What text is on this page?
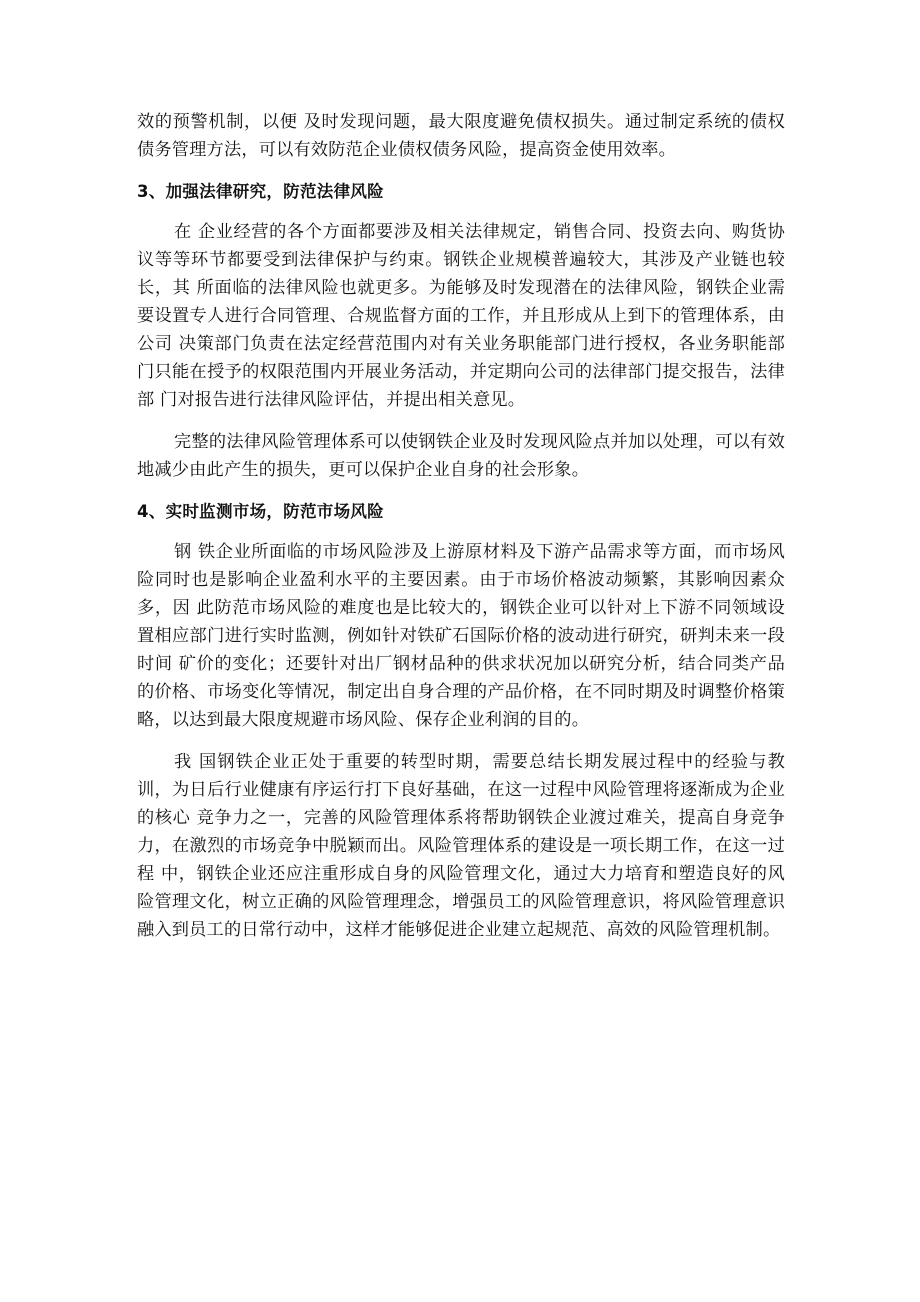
效的预警机制，以便 及时发现问题，最大限度避免债权损失。通过制定系统的债权债务管理方法，可以有效防范企业债权债务风险，提高资金使用效率。

3、加强法律研究，防范法律风险

在 企业经营的各个方面都要涉及相关法律规定，销售合同、投资去向、购货协议等等环节都要受到法律保护与约束。钢铁企业规模普遍较大，其涉及产业链也较长，其 所面临的法律风险也就更多。为能够及时发现潜在的法律风险，钢铁企业需要设置专人进行合同管理、合规监督方面的工作，并且形成从上到下的管理体系，由公司 决策部门负责在法定经营范围内对有关业务职能部门进行授权，各业务职能部门只能在授予的权限范围内开展业务活动，并定期向公司的法律部门提交报告，法律部 门对报告进行法律风险评估，并提出相关意见。

完整的法律风险管理体系可以使钢铁企业及时发现风险点并加以处理，可以有效地减少由此产生的损失，更可以保护企业自身的社会形象。

4、实时监测市场，防范市场风险

钢 铁企业所面临的市场风险涉及上游原材料及下游产品需求等方面，而市场风险同时也是影响企业盈利水平的主要因素。由于市场价格波动频繁，其影响因素众多，因 此防范市场风险的难度也是比较大的，钢铁企业可以针对上下游不同领域设置相应部门进行实时监测，例如针对铁矿石国际价格的波动进行研究，研判未来一段时间 矿价的变化；还要针对出厂钢材品种的供求状况加以研究分析，结合同类产品的价格、市场变化等情况，制定出自身合理的产品价格，在不同时期及时调整价格策 略，以达到最大限度规避市场风险、保存企业利润的目的。

我 国钢铁企业正处于重要的转型时期，需要总结长期发展过程中的经验与教训，为日后行业健康有序运行打下良好基础，在这一过程中风险管理将逐渐成为企业的核心 竞争力之一，完善的风险管理体系将帮助钢铁企业渡过难关，提高自身竞争力，在激烈的市场竞争中脱颖而出。风险管理体系的建设是一项长期工作，在这一过程 中，钢铁企业还应注重形成自身的风险管理文化，通过大力培育和塑造良好的风险管理文化，树立正确的风险管理理念，增强员工的风险管理意识，将风险管理意识 融入到员工的日常行动中，这样才能够促进企业建立起规范、高效的风险管理机制。
